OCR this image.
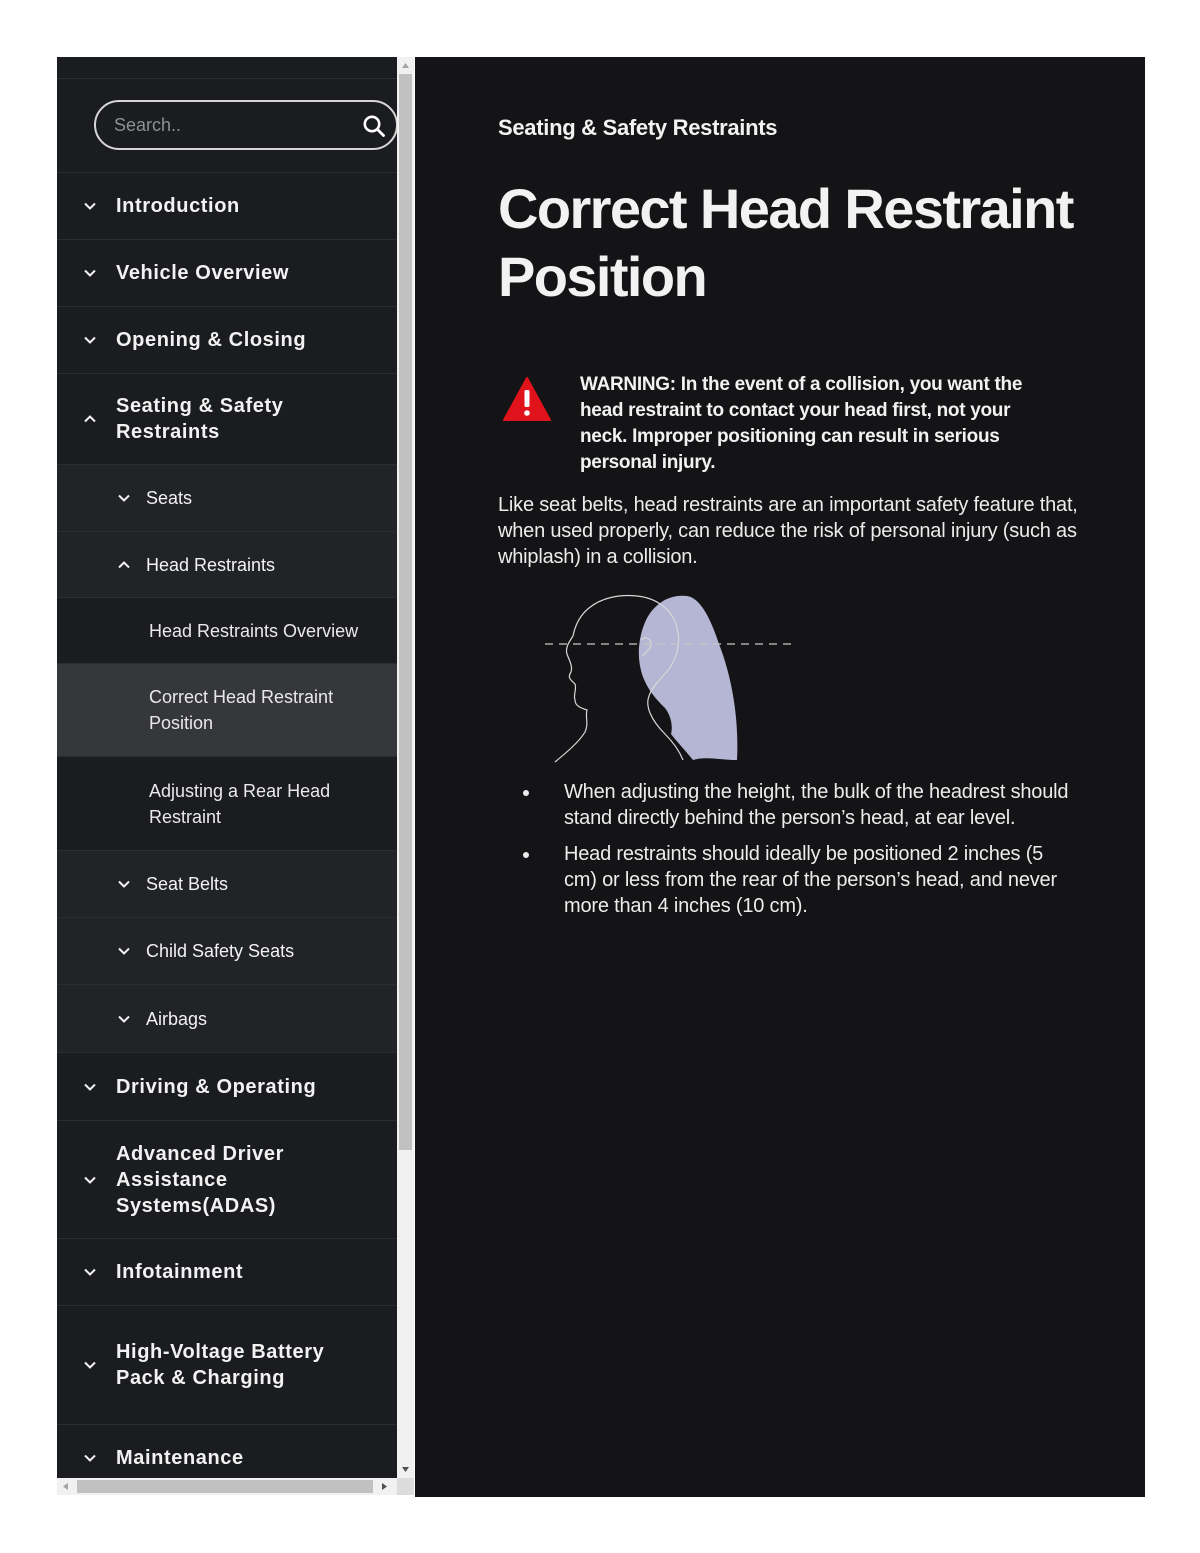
Search..
Introduction
Vehicle Overview
Opening & Closing
Seating & Safety Restraints
Seats
Head Restraints
Head Restraints Overview
Correct Head Restraint Position
Adjusting a Rear Head Restraint
Seat Belts
Child Safety Seats
Airbags
Driving & Operating
Advanced Driver Assistance Systems(ADAS)
Infotainment
High-Voltage Battery Pack & Charging
Maintenance
Seating & Safety Restraints
Correct Head Restraint Position

WARNING: In the event of a collision, you want the head restraint to contact your head first, not your neck. Improper positioning can result in serious personal injury.

Like seat belts, head restraints are an important safety feature that, when used properly, can reduce the risk of personal injury (such as whiplash) in a collision.

When adjusting the height, the bulk of the headrest should stand directly behind the person’s head, at ear level.
Head restraints should ideally be positioned 2 inches (5 cm) or less from the rear of the person’s head, and never more than 4 inches (10 cm).
